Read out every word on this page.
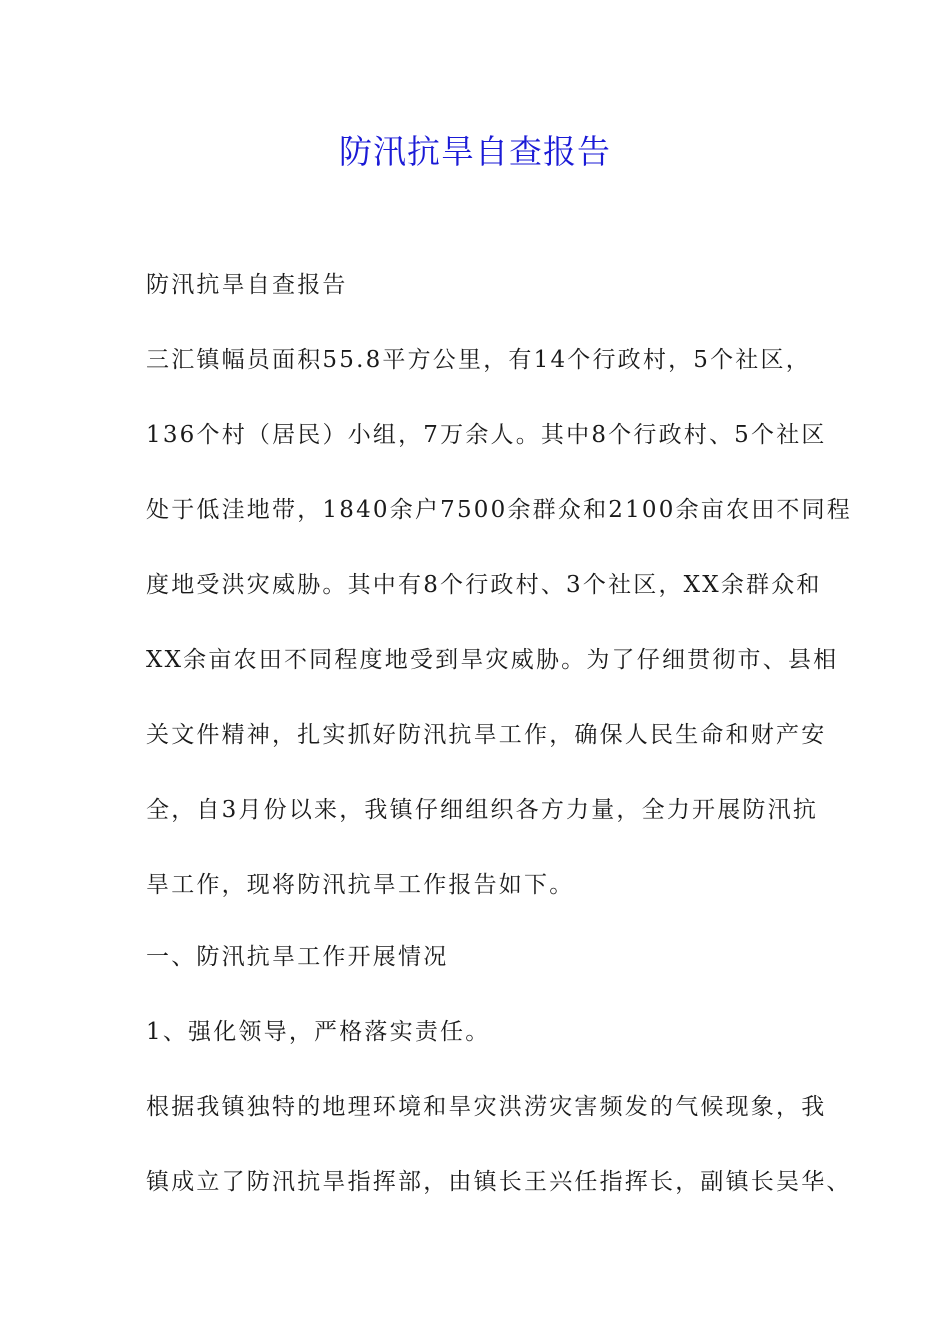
防汛抗旱自查报告

防汛抗旱自查报告

三汇镇幅员面积55.8平方公里，有14个行政村，5个社区，

136个村（居民）小组，7万余人。其中8个行政村、5个社区

处于低洼地带，1840余户7500余群众和2100余亩农田不同程

度地受洪灾威胁。其中有8个行政村、3个社区，XX余群众和

XX余亩农田不同程度地受到旱灾威胁。为了仔细贯彻市、县相

关文件精神，扎实抓好防汛抗旱工作，确保人民生命和财产安

全，自3月份以来，我镇仔细组织各方力量，全力开展防汛抗

旱工作，现将防汛抗旱工作报告如下。

一、防汛抗旱工作开展情况

1、强化领导，严格落实责任。

根据我镇独特的地理环境和旱灾洪涝灾害频发的气候现象，我

镇成立了防汛抗旱指挥部，由镇长王兴任指挥长，副镇长吴华、
